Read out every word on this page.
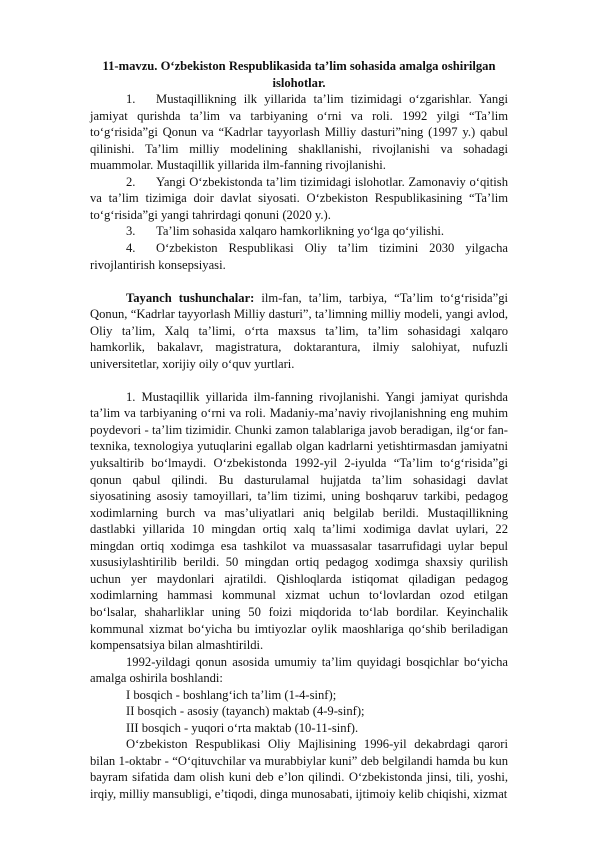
11-mavzu. O‘zbekiston Respublikasida ta’lim sohasida amalga oshirilgan islohotlar.

1. Mustaqillikning ilk yillarida ta’lim tizimidagi o‘zgarishlar. Yangi jamiyat qurishda ta’lim va tarbiyaning o‘rni va roli. 1992 yilgi “Ta’lim to‘g‘risida”gi Qonun va “Kadrlar tayyorlash Milliy dasturi”ning (1997 y.) qabul qilinishi. Ta’lim milliy modelining shakllanishi, rivojlanishi va sohadagi muammolar. Mustaqillik yillarida ilm-fanning rivojlanishi.

2. Yangi O‘zbekistonda ta’lim tizimidagi islohotlar. Zamonaviy o‘qitish va ta’lim tizimiga doir davlat siyosati. O‘zbekiston Respublikasining “Ta’lim to‘g‘risida”gi yangi tahrirdagi qonuni (2020 y.).

3. Ta’lim sohasida xalqaro hamkorlikning yo‘lga qo‘yilishi.

4. O‘zbekiston Respublikasi Oliy ta’lim tizimini 2030 yilgacha rivojlantirish konsepsiyasi.

Tayanch tushunchalar: ilm-fan, ta’lim, tarbiya, “Ta’lim to‘g‘risida”gi Qonun, “Kadrlar tayyorlash Milliy dasturi”, ta’limning milliy modeli, yangi avlod, Oliy ta’lim, Xalq ta’limi, o‘rta maxsus ta’lim, ta’lim sohasidagi xalqaro hamkorlik, bakalavr, magistratura, doktarantura, ilmiy salohiyat, nufuzli universitetlar, xorijiy oily o‘quv yurtlari.

1. Mustaqillik yillarida ilm-fanning rivojlanishi. Yangi jamiyat qurishda ta’lim va tarbiyaning o‘rni va roli. Madaniy-ma’naviy rivojlanishning eng muhim poydevori - ta’lim tizimidir. Chunki zamon talablariga javob beradigan, ilg‘or fan-texnika, texnologiya yutuqlarini egallab olgan kadrlarni yetishtirmasdan jamiyatni yuksaltirib bo‘lmaydi. O‘zbekistonda 1992-yil 2-iyulda “Ta’lim to‘g‘risida”gi qonun qabul qilindi. Bu dasturulamal hujjatda ta’lim sohasidagi davlat siyosatining asosiy tamoyillari, ta’lim tizimi, uning boshqaruv tarkibi, pedagog xodimlarning burch va mas’uliyatlari aniq belgilab berildi. Mustaqillikning dastlabki yillarida 10 mingdan ortiq xalq ta’limi xodimiga davlat uylari, 22 mingdan ortiq xodimga esa tashkilot va muassasalar tasarrufidagi uylar bepul xususiylashtirilib berildi. 50 mingdan ortiq pedagog xodimga shaxsiy qurilish uchun yer maydonlari ajratildi. Qishloqlarda istiqomat qiladigan pedagog xodimlarning hammasi kommunal xizmat uchun to‘lovlardan ozod etilgan bo‘lsalar, shaharliklar uning 50 foizi miqdorida to‘lab bordilar. Keyinchalik kommunal xizmat bo‘yicha bu imtiyozlar oylik maoshlariga qo‘shib beriladigan kompensatsiya bilan almashtirildi.

1992-yildagi qonun asosida umumiy ta’lim quyidagi bosqichlar bo‘yicha amalga oshirila boshlandi:

I bosqich - boshlang‘ich ta’lim (1-4-sinf);

II bosqich - asosiy (tayanch) maktab (4-9-sinf);

III bosqich - yuqori o‘rta maktab (10-11-sinf).

O‘zbekiston Respublikasi Oliy Majlisining 1996-yil dekabrdagi qarori bilan 1-oktabr - “O‘qituvchilar va murabbiylar kuni” deb belgilandi hamda bu kun bayram sifatida dam olish kuni deb e’lon qilindi. O‘zbekistonda jinsi, tili, yoshi, irqiy, milliy mansubligi, e’tiqodi, dinga munosabati, ijtimoiy kelib chiqishi, xizmat
